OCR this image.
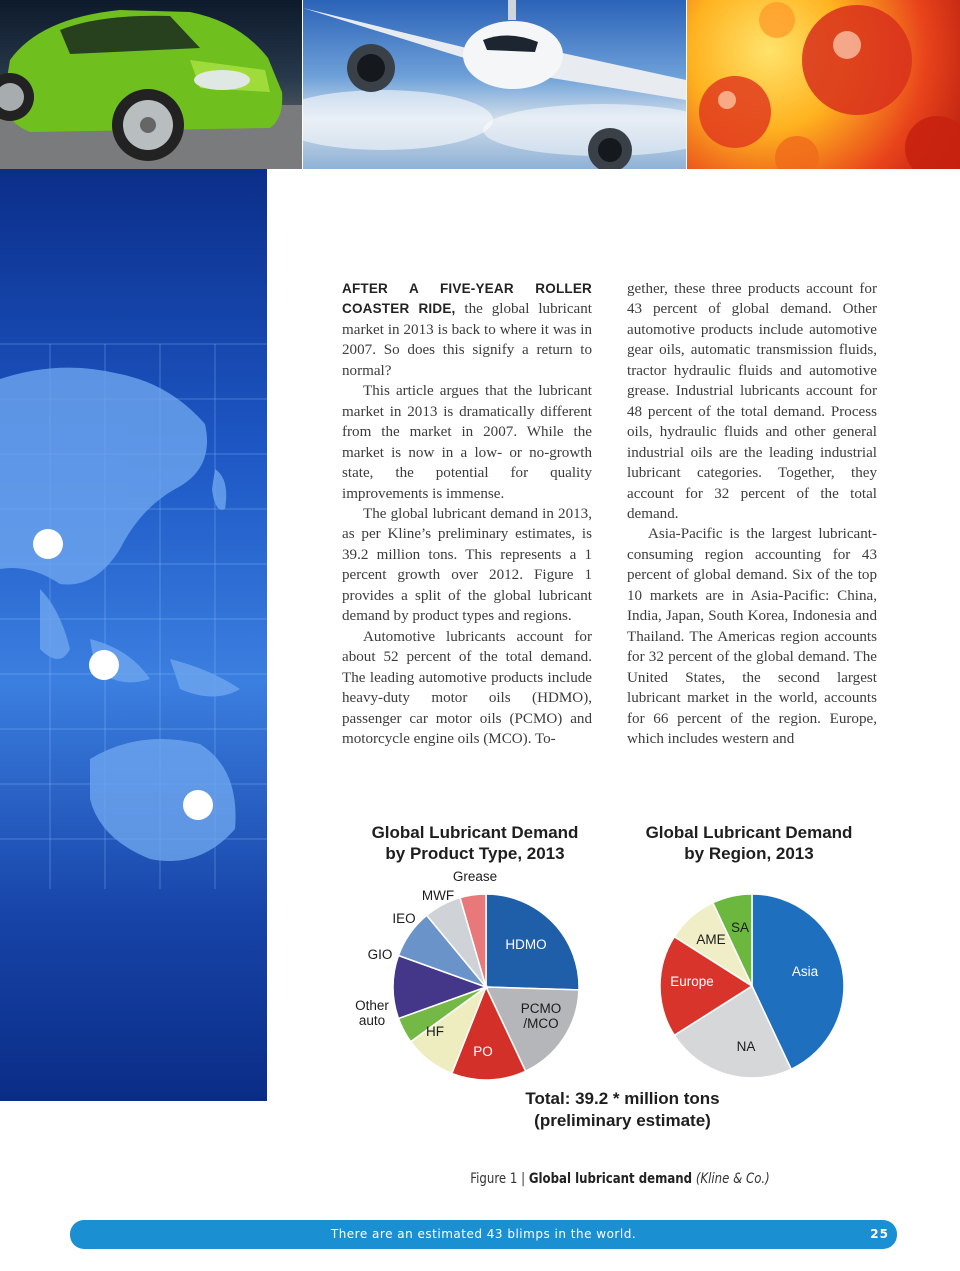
AFTER A FIVE-YEAR ROLLER COASTER RIDE, the global lubricant market in 2013 is back to where it was in 2007. So does this signify a return to normal?

This article argues that the lubricant market in 2013 is dramatically different from the market in 2007. While the market is now in a low- or no-growth state, the potential for quality improvements is immense.

The global lubricant demand in 2013, as per Kline’s preliminary estimates, is 39.2 million tons. This represents a 1 percent growth over 2012. Figure 1 provides a split of the global lubricant demand by product types and regions.

Automotive lubricants account for about 52 percent of the total demand. The leading automotive products include heavy-duty motor oils (HDMO), passenger car motor oils (PCMO) and motorcycle engine oils (MCO). To-

gether, these three products account for 43 percent of global demand. Other automotive products include automotive gear oils, automatic transmission fluids, tractor hydraulic fluids and automotive grease. Industrial lubricants account for 48 percent of the total demand. Process oils, hydraulic fluids and other general industrial oils are the leading industrial lubricant categories. Together, they account for 32 percent of the total demand.

Asia-Pacific is the largest lubricant-consuming region accounting for 43 percent of global demand. Six of the top 10 markets are in Asia-Pacific: China, India, Japan, South Korea, Indonesia and Thailand. The Americas region accounts for 32 percent of the global demand. The United States, the second largest lubricant market in the world, accounts for 66 percent of the region. Europe, which includes western and

Global Lubricant Demand
by Product Type, 2013
Global Lubricant Demand
by Region, 2013
HDMO
PCMO
/MCO
PO
HF
Other
auto
GIO
IEO
MWF
Grease
Asia
NA
Europe
AME
SA
Total: 39.2 * million tons
(preliminary estimate)
Figure 1 | Global lubricant demand (Kline & Co.)
There are an estimated 43 blimps in the world.	25
